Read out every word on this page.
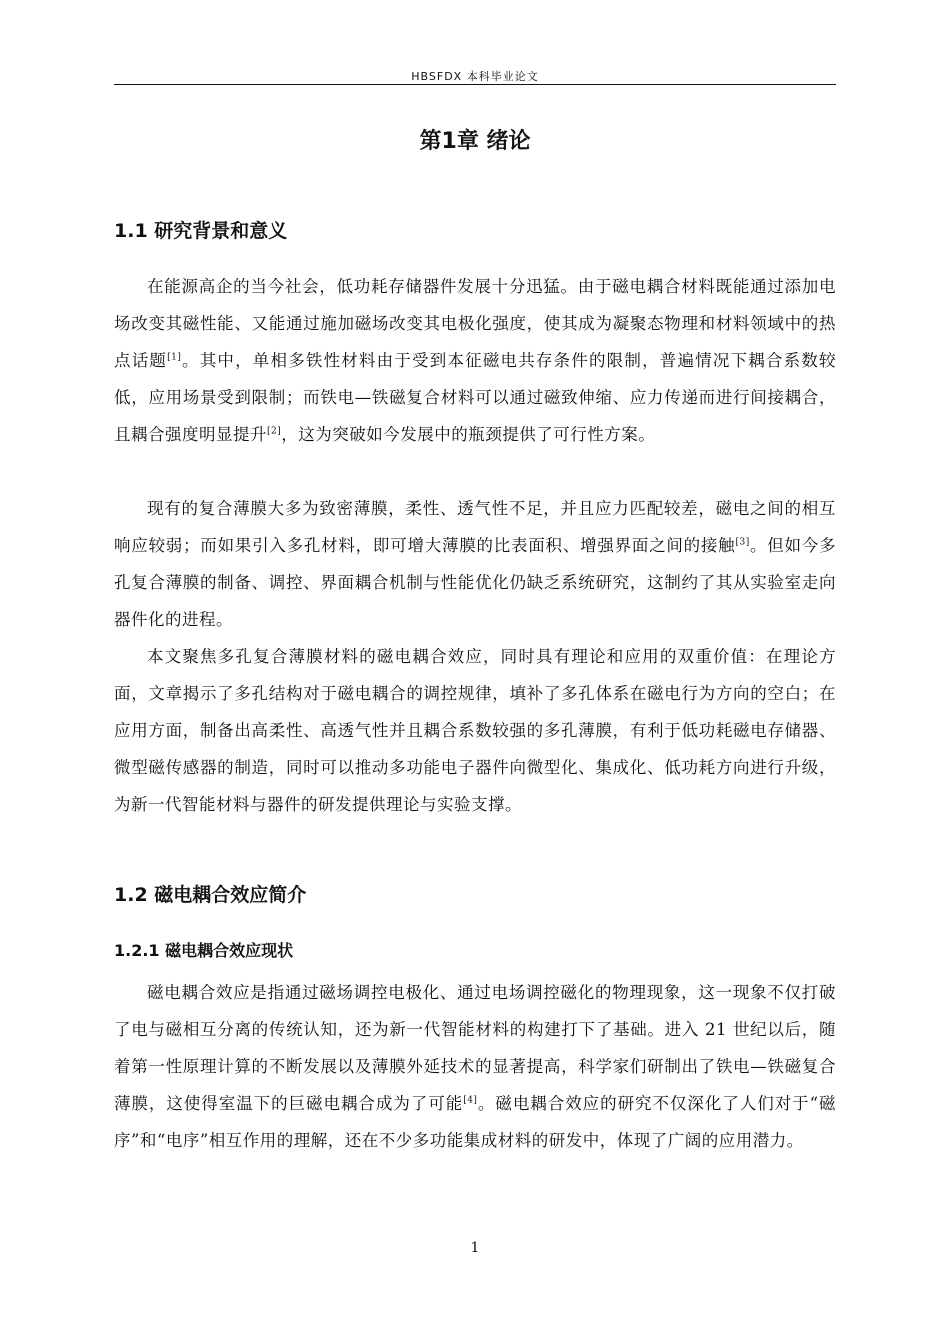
HBSFDX 本科毕业论文
第1章 绪论
1.1 研究背景和意义

在能源高企的当今社会，低功耗存储器件发展十分迅猛。由于磁电耦合材料既能通过添加电场改变其磁性能、又能通过施加磁场改变其电极化强度，使其成为凝聚态物理和材料领域中的热点话题[1]。其中，单相多铁性材料由于受到本征磁电共存条件的限制，普遍情况下耦合系数较低，应用场景受到限制；而铁电—铁磁复合材料可以通过磁致伸缩、应力传递而进行间接耦合，且耦合强度明显提升[2]，这为突破如今发展中的瓶颈提供了可行性方案。

现有的复合薄膜大多为致密薄膜，柔性、透气性不足，并且应力匹配较差，磁电之间的相互响应较弱；而如果引入多孔材料，即可增大薄膜的比表面积、增强界面之间的接触[3]。但如今多孔复合薄膜的制备、调控、界面耦合机制与性能优化仍缺乏系统研究，这制约了其从实验室走向器件化的进程。

本文聚焦多孔复合薄膜材料的磁电耦合效应，同时具有理论和应用的双重价值：在理论方面，文章揭示了多孔结构对于磁电耦合的调控规律，填补了多孔体系在磁电行为方向的空白；在应用方面，制备出高柔性、高透气性并且耦合系数较强的多孔薄膜，有利于低功耗磁电存储器、微型磁传感器的制造，同时可以推动多功能电子器件向微型化、集成化、低功耗方向进行升级，为新一代智能材料与器件的研发提供理论与实验支撑。

1.2 磁电耦合效应简介
1.2.1 磁电耦合效应现状

磁电耦合效应是指通过磁场调控电极化、通过电场调控磁化的物理现象，这一现象不仅打破了电与磁相互分离的传统认知，还为新一代智能材料的构建打下了基础。进入 21 世纪以后，随着第一性原理计算的不断发展以及薄膜外延技术的显著提高，科学家们研制出了铁电—铁磁复合薄膜，这使得室温下的巨磁电耦合成为了可能[4]。磁电耦合效应的研究不仅深化了人们对于“磁序”和“电序”相互作用的理解，还在不少多功能集成材料的研发中，体现了广阔的应用潜力。

1
